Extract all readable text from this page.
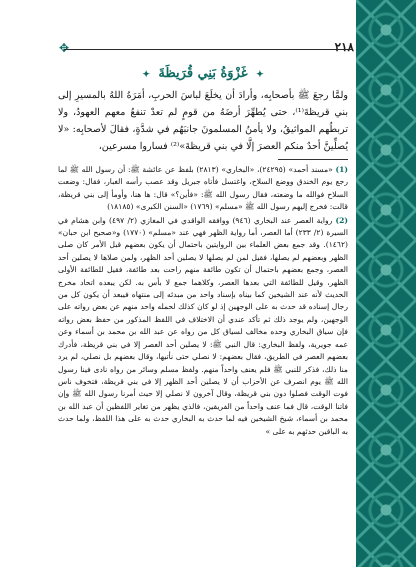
✥	٢١٨
✦ غَزْوَةُ بَنِي قُرَيظَةَ ✦

ولمَّا رجعَ ﷺ بأصحابِه، وأرادَ أن يخلَعَ لباسَ الحربِ، أمَرَهُ اللهُ بالمسيرِ إلى بني قريظةَ⁽¹⁾، حتى يُطهِّرَ أرضَهُ من قومٍ لم تعدْ تنفعُ معهم العهودُ، ولا تربطُهم المواثيقُ، ولا يأمنُ المسلمونَ جانبَهُم في شدَّةٍ، فقالَ لأصحابِه: «لا يُصلِّينَّ أحدٌ منكم العصرَ إلَّا في بني قريظةَ»⁽²⁾ فساروا مسرعين،

(1) «مسند أحمد» (٢٤٢٩٥)، «البخاري» (٢٨١٣) بلفظ عن عائشة ﷺ: أن رسول الله ﷺ لما رجع يوم الخندق ووضع السلاح، واغتسل فأتاه جبريل وقد عصب رأسه الغبار، فقال: وضعت السلاح فوالله ما وضعته، فقال رسول الله ﷺ: «فأين؟» قال: ها هنا، وأومأ إلى بني قريظة، قالت: فخرج إليهم رسول الله ﷺ «مسلم» (١٧٦٩) «السنن الكبرى» (١٨١٨٥)

(2) رواية العصر عند البخاري (٩٤٦) ووافقه الواقدي في المغازي (٢/ ٤٩٧) وابن هشام في السيرة (٢/ ٢٣٣) أما العصر، أما رواية الظهر فهي عند «مسلم» (١٧٧٠) و«صحيح ابن حبان» (١٤٦٢). وقد جمع بعض العلماء بين الروايتين باحتمال أن يكون بعضهم قبل الأمر كان صلى الظهر وبعضهم لم يصلها، فقيل لمن لم يصلها لا يصلين أحد الظهر، ولمن صلاها لا يصلين أحد العصر، وجمع بعضهم باحتمال أن تكون طائفة منهم راحت بعد طائفة، فقيل للطائفة الأولى الظهر، وقيل للطائفة التي بعدها العصر، وكلاهما جمع لا بأس به. لكن يبعده اتحاد مخرج الحديث لأنه عند الشيخين كما بيناه بإسناد واحد من مبدئه إلى منتهاه فيبعد أن يكون كل من رجال إسناده قد حدث به على الوجهين إذ لو كان كذلك لحمله واحد منهم عن بعض رواته على الوجهين، ولم يوجد ذلك ثم تأكد عندي أن الاختلاف في اللفظ المذكور من حفظ بعض رواته فإن سياق البخاري وحده مخالف لسياق كل من رواه عن عبد الله بن محمد بن أسماء وعن عمه جويرية، ولفظ البخاري: قال النبي ﷺ: لا يصلين أحد العصر إلا في بني قريظة، فأدرك بعضهم العصر في الطريق، فقال بعضهم: لا نصلي حتى نأتيها، وقال بعضهم بل نصلي، لم يرد منا ذلك، فذكر للنبي ﷺ فلم يعنف واحداً منهم. ولفظ مسلم وسائر من رواه نادى فينا رسول الله ﷺ يوم انصرف عن الأحزاب أن لا يصلين أحد الظهر إلا في بني قريظة، فتخوف ناس فوت الوقت فصلوا دون بني قريظة، وقال آخرون لا نصلي إلا حيث أمرنا رسول الله ﷺ وإن فاتنا الوقت، قال فما عنف واحداً من الفريقين، فالذي يظهر من تغاير اللفظين أن عبد الله بن محمد بن أسماء، شيخ الشيخين فيه لما حدث به البخاري حدث به على هذا اللفظ، ولما حدث به الباقين حدثهم به على »
